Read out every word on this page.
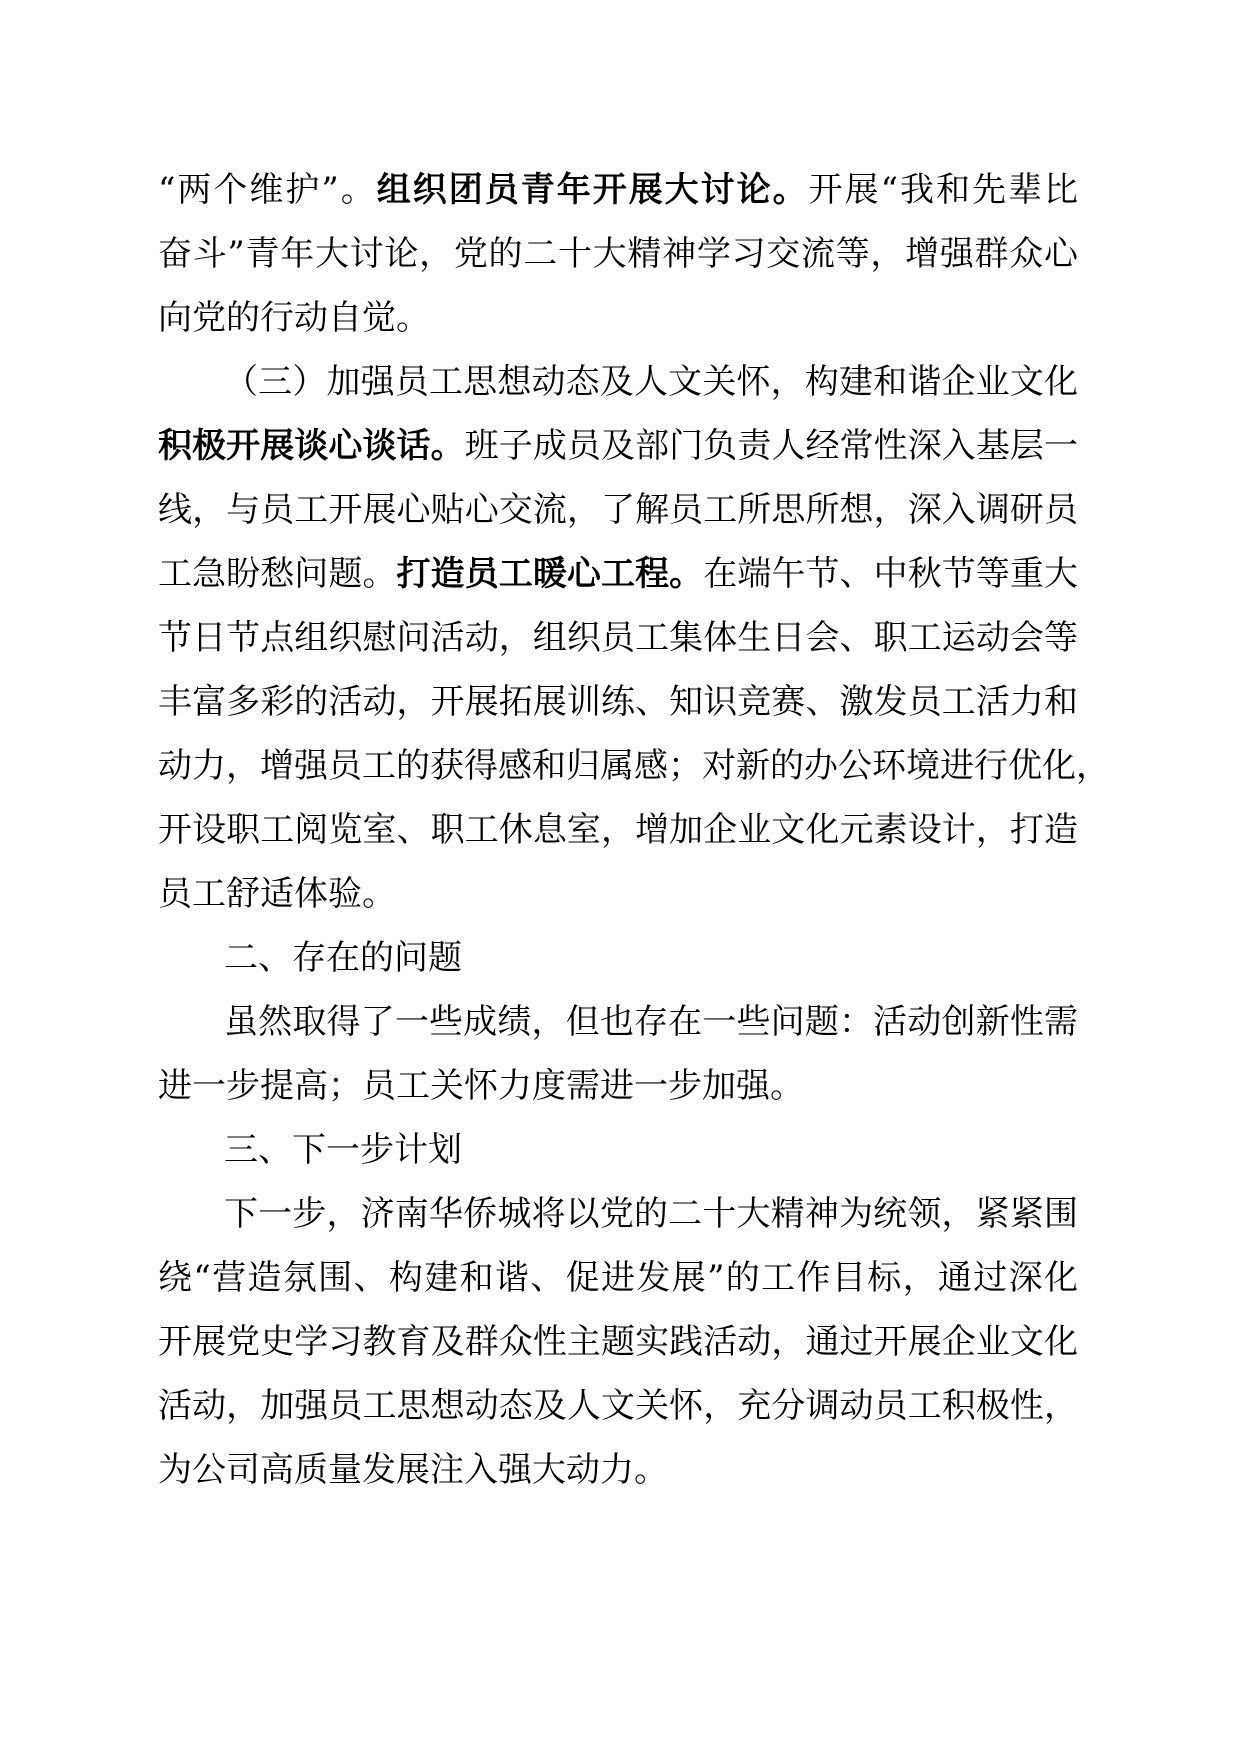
“两个维护”。组织团员青年开展大讨论。开展“我和先辈比
奋斗”青年大讨论，党的二十大精神学习交流等，增强群众心
向党的行动自觉。
（三）加强员工思想动态及人文关怀，构建和谐企业文化
积极开展谈心谈话。班子成员及部门负责人经常性深入基层一
线，与员工开展心贴心交流，了解员工所思所想，深入调研员
工急盼愁问题。打造员工暖心工程。在端午节、中秋节等重大
节日节点组织慰问活动，组织员工集体生日会、职工运动会等
丰富多彩的活动，开展拓展训练、知识竞赛、激发员工活力和
动力，增强员工的获得感和归属感；对新的办公环境进行优化，
开设职工阅览室、职工休息室，增加企业文化元素设计，打造
员工舒适体验。
二、存在的问题
虽然取得了一些成绩，但也存在一些问题：活动创新性需
进一步提高；员工关怀力度需进一步加强。
三、下一步计划
下一步，济南华侨城将以党的二十大精神为统领，紧紧围
绕“营造氛围、构建和谐、促进发展”的工作目标，通过深化
开展党史学习教育及群众性主题实践活动，通过开展企业文化
活动，加强员工思想动态及人文关怀，充分调动员工积极性，
为公司高质量发展注入强大动力。
